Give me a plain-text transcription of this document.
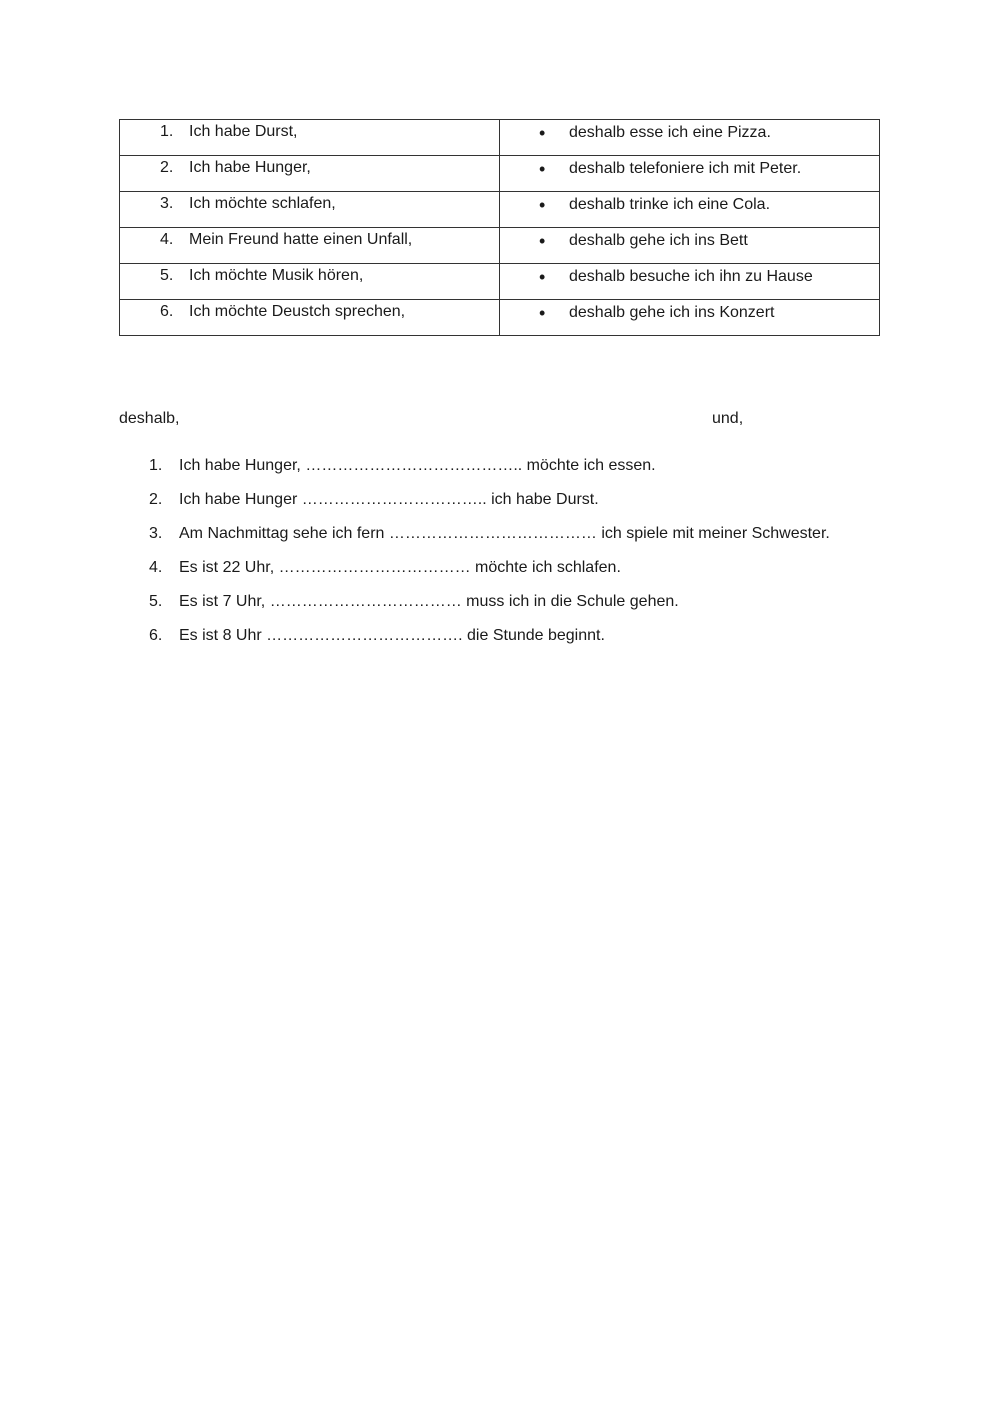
1. Ich habe Durst,	• deshalb esse ich eine Pizza.

2. Ich habe Hunger,	• deshalb telefoniere ich mit Peter.

3. Ich möchte schlafen,	• deshalb trinke ich eine Cola.

4. Mein Freund hatte einen Unfall,	• deshalb gehe ich ins Bett

5. Ich möchte Musik hören,	• deshalb besuche ich ihn zu Hause

6. Ich möchte Deustch sprechen,	• deshalb gehe ich ins Konzert
deshalb,	und,
1. Ich habe Hunger, ………………………………….. möchte ich essen.
2. Ich habe Hunger …………………………….. ich habe Durst.
3. Am Nachmittag sehe ich fern ………………………………… ich spiele mit meiner Schwester.
4. Es ist 22 Uhr, ……………………………… möchte ich schlafen.
5. Es ist 7 Uhr, ……………………………… muss ich in die Schule gehen.
6. Es ist 8 Uhr ………………………………. die Stunde beginnt.
